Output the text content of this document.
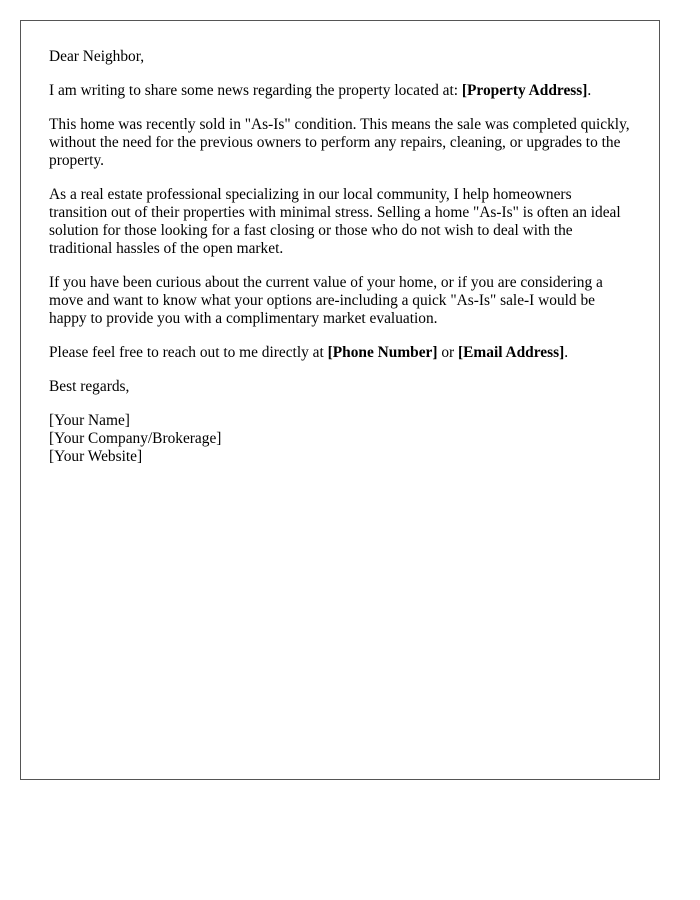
Dear Neighbor,

I am writing to share some news regarding the property located at: [Property Address].

This home was recently sold in "As-Is" condition. This means the sale was completed quickly, without the need for the previous owners to perform any repairs, cleaning, or upgrades to the property.

As a real estate professional specializing in our local community, I help homeowners transition out of their properties with minimal stress. Selling a home "As-Is" is often an ideal solution for those looking for a fast closing or those who do not wish to deal with the traditional hassles of the open market.

If you have been curious about the current value of your home, or if you are considering a move and want to know what your options are-including a quick "As-Is" sale-I would be happy to provide you with a complimentary market evaluation.

Please feel free to reach out to me directly at [Phone Number] or [Email Address].

Best regards,

[Your Name]
[Your Company/Brokerage]
[Your Website]
